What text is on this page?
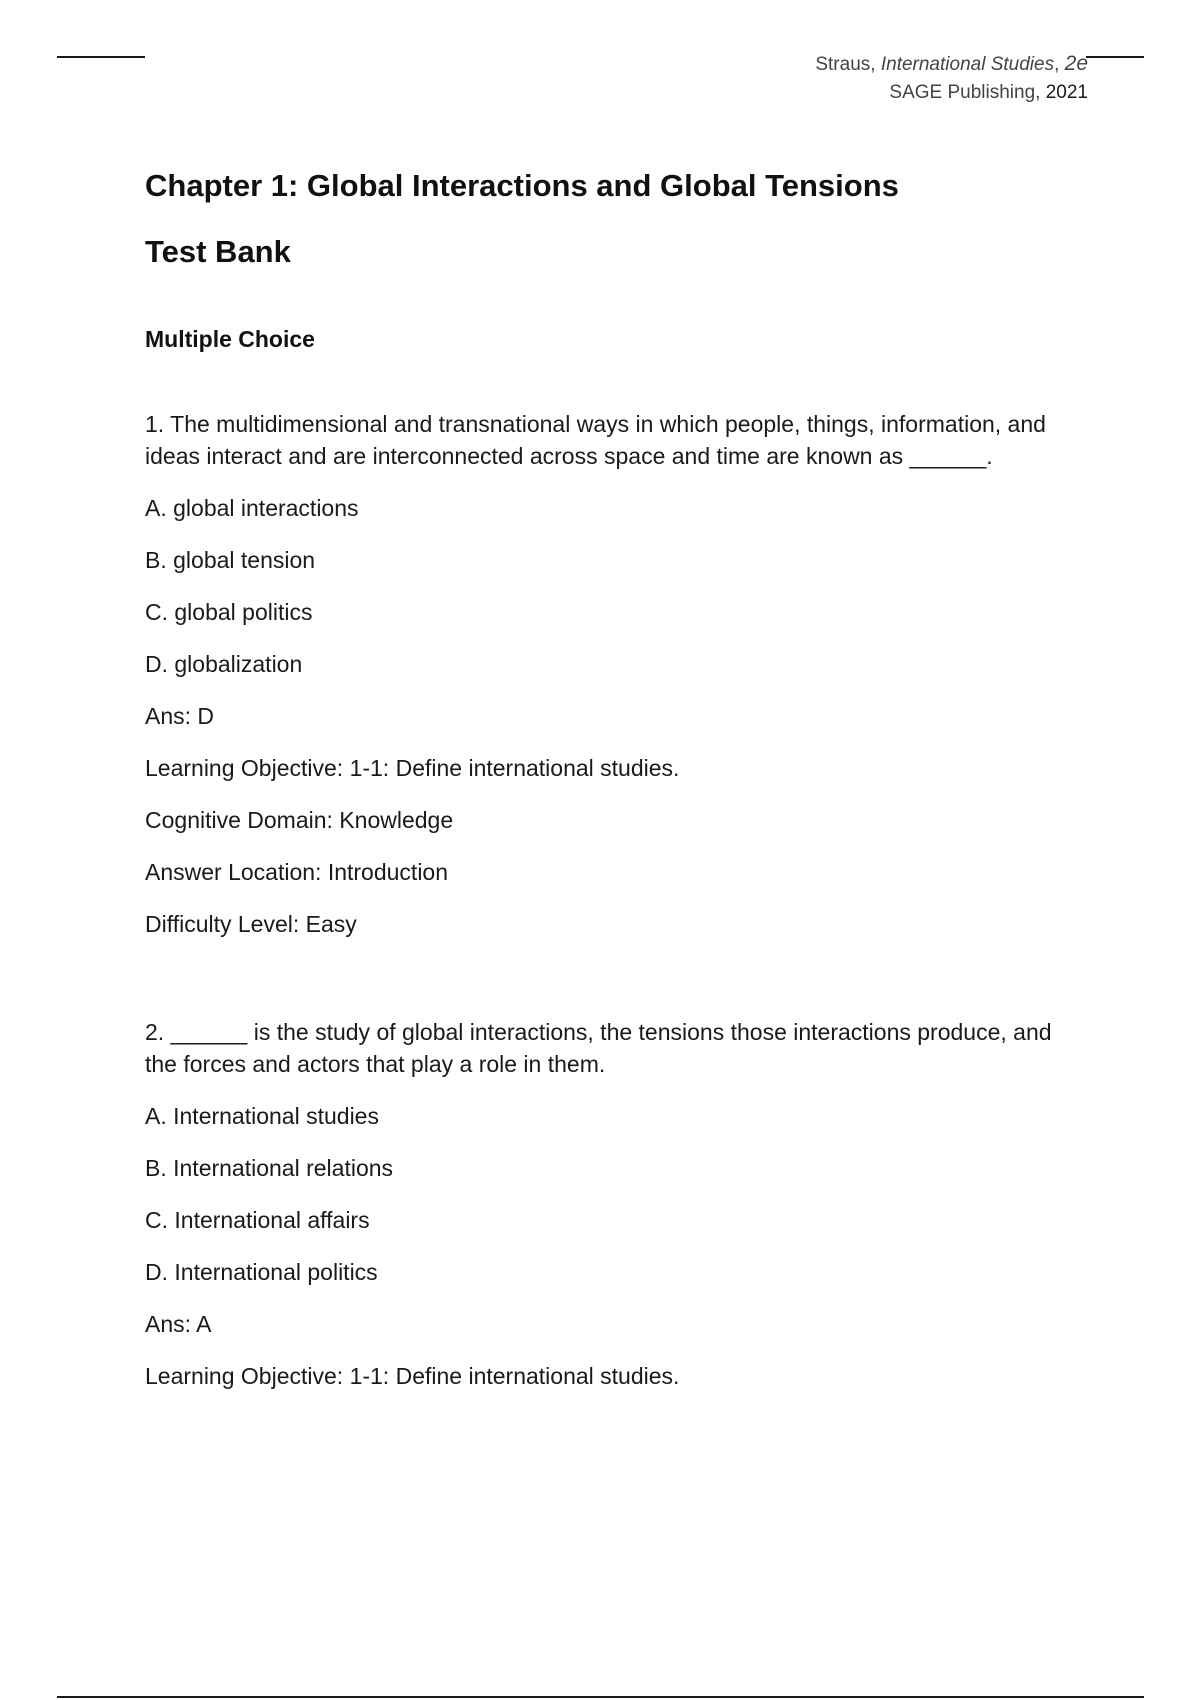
Straus, International Studies, 2e
SAGE Publishing, 2021
Chapter 1: Global Interactions and Global Tensions
Test Bank
Multiple Choice

1. The multidimensional and transnational ways in which people, things, information, and ideas interact and are interconnected across space and time are known as ______.

A. global interactions

B. global tension

C. global politics

D. globalization

Ans: D

Learning Objective: 1-1: Define international studies.

Cognitive Domain: Knowledge

Answer Location: Introduction

Difficulty Level: Easy

2. ______ is the study of global interactions, the tensions those interactions produce, and the forces and actors that play a role in them.

A. International studies

B. International relations

C. International affairs

D. International politics

Ans: A

Learning Objective: 1-1: Define international studies.
